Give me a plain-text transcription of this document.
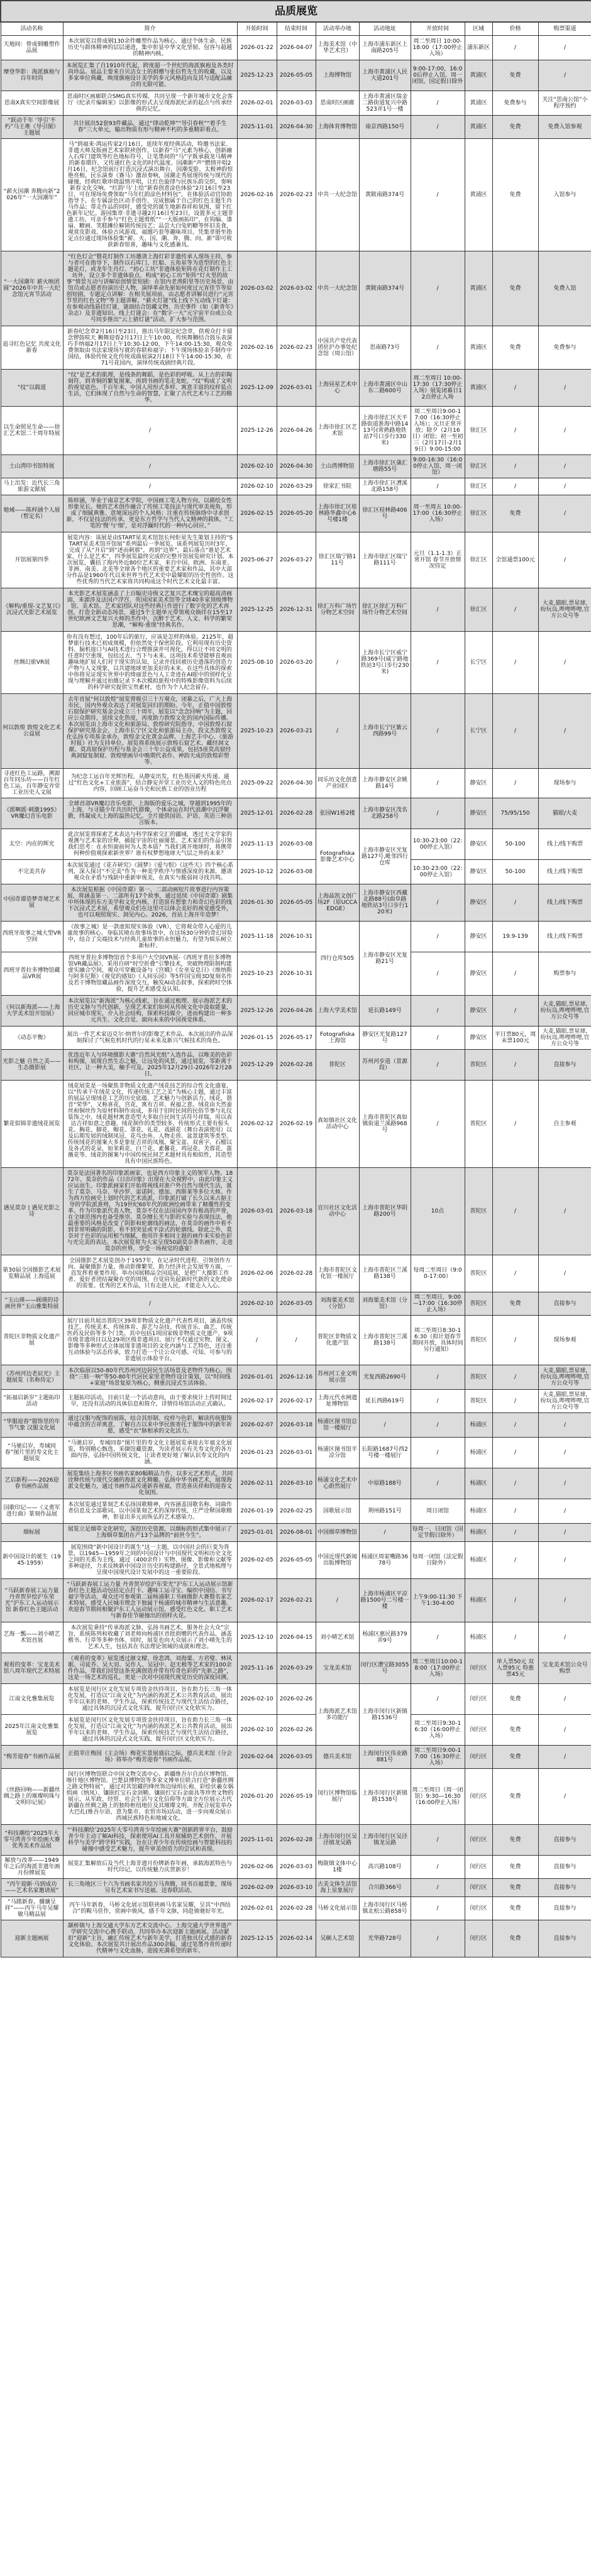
品质展览									
活动名称	简介	开始时间	结束时间	活动举办地	活动地址	开放时间	区域	价格	购票渠道
天地间：曾成钢雕塑作品展	本次展览以曾成钢130余件雕塑作品为核心，通过个体生命、民族历史与群体精神的层层递进，集中彰显中华文化坚韧、包容与超越的精神内核。	2026-01-22	2026-04-07	上海美术馆（中华艺术宫）	上海市浦东新区上南路205号	周二至周日 10:00-18:00（17:00停止入场）	浦东新区	/	/
摩登华影：海派旗袍与百年时尚	本展览汇集了自1910年代起，跨度超一个世纪的海派旗袍及各类时尚珍品。展品主要来自贝洁女士的捐赠与张信哲先生的收藏，以及多家单位典藏，映现旗袍设计美学的多元风格趋向及其与适配品融合的无限可能。	2025-12-23	2026-05-05	上海博物馆	上海市黄浦区人民大道201号	9:00-17:00，16:00后停止入馆，周一闭馆，国定假日除外	黄浦区	免费	/
思南X真实空间影像展	思南时区画廊联合SMG真实传媒，共同呈现一个新年城市文化会客厅《纪录片编辑室》以影像的形式去呈现海派纪录的起点与传承经典的记忆。	2026-02-01	2026-03-03	思南时区画廊	上海市黄浦区瑞金二路街道复兴中路523弄1号一楼	/	黄浦区	免费参与	关注“思南公馆”小程序预约
“跃动千年 ‘导引’不朽”马王堆《导引图》主题展	共计展出52套93件藏品，通过“律动乾坤”“导引春秋”“着手生春”三大单元，输出物质有形与精神不朽的多重精彩看点。	2025-11-01	2026-04-30	上海体育博物馆	南京西路150号	/	黄浦区	免费	免费入馆参观
“薪火国潮 奔腾向新”2026年“一大国潮年”	马”到福来·鸿运传家2月16日，延续年度经典活动，特邀书法家、非遗大师及版画艺术家联袂创作，以新春“马”元素为核心，创新融入石库门建筑等红色地标符号，让笔墨间的“马”字既承载龙马精神的新春期许，又传递红色文化的时代温度。国潮新“声”燃情开唱2月16日，纪念馆前厅打造沉浸式演出舞台，国潮变脸、太极神韵惊艳亮相，民乐演奏《赛马》激昂奏响，国潮走秀展现传统与现代的碰撞，经典红歌串烧温情开唱，让红色旋律与民族乐韵交织，奏响新春文化交响。“红韵‘马’上绘”新春创意涂色体验”2月16日至23日，可在现场免费领取“马年红韵涂色材料包”，在体验活动官协助指导下，在专属涂色区动手创作，完成独属于自己的红色主题生肖马作品；带走作品的同时，感受党的诞生地新春祥和氛围，留下红色新年记忆。游园集章·非遗寻趣2月16日至23日，设置多元主题非遗工坊，可亲手参与“红色主题剪纸”“一大版画拓印”，在钩编、漆扇、糖画、笑糕摊位解锁传统技艺；品尝大白兔奶糖等怀旧美食，观赏皮影戏、体验古风游戏、福圈巧套等趣味项目。凭集章册至指定点位通过现场体验集“薪、火、国、潮、奔、腾、向、新”即可收获新春惊喜，趣味与文化感兼具。	2026-02-16	2026-02-23	中共一大纪念馆	黄陂南路374号	/	黄浦区	免费	入馆参与
“一大国潮年 薪火映团圆”2026年中共一大纪念馆元宵节活动	“红色灯会”暨花灯制作工坊邀请上海灯彩非遗传承人现场主持，参与者可在指导下，制作以石库门、红船、五角星等为造型的红色主题花灯，或龙年生肖灯。“初心工坊”非遗体验矩阵在花灯制作主工坊外，设立多个非遗体验点，构成“初心工坊”矩阵“灯火里的故事”情景互动与讲解原创情景短剧：在馆内老渔阳里等历史场景，由馆员或志愿者扮演历史人物，演绎革命先驱如何度过元宵佳节等原创短剧，专题定点讲解：在相关展项前，由志愿者讲解员进行“元宵节里的红色文物”等主题讲解。“薪火灯谜”线上线下互动线下灯谜：在参观动线悬挂灯谜，谜面结合馆藏文物、历史事件（如《新青年》杂志）及非遗知识。线上灯谜会：在“数字一大”元宇宙平台或公众号同步推出“云上猜灯谜”活动，扩大参与范围。	2026-03-02	2026-03-02	中共一大纪念馆	黄陂南路374号	/	黄浦区	免费	免费入馆
追寻红色记忆 共度文化新春	新春纪念章2月16日至23日，推出马年限定纪念章，供观众打卡留念锣鼓喧天 狮舞迎春2月17日上午10:00，传统舞狮结合鼓乐表演巧手纳福2月17日上午10:30-12:00，下午14:00-15:30，观众免费领取由书法家现场写就的春联和福字；下午现场体验亲手制作中国结，体验传统文化传统戏曲展演2月18日下午14:00-15:30，在71号花园内，演绎传统戏剧经典片段。	2026-02-16	2026-02-23	中国共产党代表团驻沪办事处纪念馆（周公馆）	思南路73号	/	黄浦区	免费	免费参与
“纹”以载道	“纹”是艺术的肌理，是线条的舞蹈，是色彩的呼吸。从上古的彩陶刻符，到青铜的繁复图案，再到书画的笔走龙蛇，“纹”构成了文明的视觉底色。千百年来，中国人用形式多样、寓意丰富的纹样装点生活，它们体现了自然与生命的智慧，汇聚了古代艺术与工艺的精华。	2025-12-09	2026-03-01	上海昼星艺术中心	上海市黄浦区中山东二路600号	周二至周日 10:00-17:30（17:30停止入场）展览闭幕日12点停止入场	黄浦区	/	/
以生命照见生命——徐汇艺术馆二十周年特展	/	2025-12-26	2026-04-26	上海市徐汇区艺术馆	上海市徐汇区天平路街道淮海中路1413号(常熟路地铁站7号口步行330米)	周二至周日9:00-17:00（16:30停止入场）；元旦正常开放；除夕（2月16日）闭馆；初一至初三（2月17日-2月19日）9:00-15:00	徐汇区	/	/
土山湾印书馆特展	/	2026-02-10	2026-04-30	土山湾博物馆	上海市徐汇区蒲汇塘路55号	9:00-16:30（16:00停止入馆，周一闭馆）	徐汇区	/	/
马上出发：近代长三角旅游文献展	/	2026-02-10	2026-03-29	徐家汇书院	上海市徐汇区漕溪北路158号	/	徐汇区	/	/
她域——陈梓涵个人展（暂定名）	陈梓涵，毕业于南京艺术学院，中国画工笔人物方向，以描绘女性形象见长。她的艺术创作融合了传统工笔技法与现代审美视角，形成了细腻典雅、意境深远的个人风格；注重在传统脉络中寻求创新，不仅是技法的传承，更是东方哲学与当代人文精神的载体，“工笔的‘慢’与‘细’，是对浮躁时代的一种内心回应。”	2026-02-15	2026-05-20	上海市徐汇区桂林路华鑫中心6号楼1楼	徐汇区桂林路406号	周一至周五 10:00-17:00（16:30停止入场）	徐汇区	免费	/
开馆展第四季	展览内容：该展是由START星美术馆馆长何炬星先生策划主持的“START星美术馆开馆展”系列最后一季展览。该系列展览历时3年，完成了从“开启”到“述而刺那”，再到“边界”，最后落点“谁是艺术家，什么是艺术”，四季展览最终完成的完整开馆展览研究计划。本次展览，囊括了海内外近80位艺术家，来自中国、欧洲、东南亚、非洲、南美、北美等全球各个地区的重要艺术家和作品，其中大部分作品是1960年代以来世界当代艺术史中最耀眼的历史性创作。这些优秀的当代艺术家将共同构成这个时代艺术文化最丰富。	2025-06-27	2026-03-27	徐汇区瑞宁路111号	上海市徐汇区瑞宁路111号	元旦（1.1-1.3）正常开馆 春节开放情况待定	徐汇区	全馆通票100元	/
《解构/重现-文艺复兴》沉浸式光影艺术展览	本光影艺术展览涵盖了上百幅史诗级文艺复兴艺术瑰宝的超高清画面，来源涉及法国卢浮宫、英国国家美术馆等全球40多家顶级博物馆、美术馆。艺术家团队对这些经典巨作进行了数字化的艺术再创，打造全新动态场景，通过5个主题单元带领观众徜徉在15至17世纪欧洲文艺复兴大师的杰作中，沉醉于艺术、人文、科学的繁荣思潮，“解构·重现”经典名作。	2025-12-25	2026-12-31	徐汇万科广场竹分物艺术空间	徐汇区徐汇万科广场竹分物艺术空间	/	徐汇区	/	大麦,猫眼,票星球,纷玩岛,哔哩哔哩,官方公众号等
丝绸幻旅VR展	你有没有想过，100年后的旅行，应该是怎样的体验。2125年，超梦旅行技术已初成规模，但依然处于保密阶段。它利用现有历史资料、脑机接口与AI技术进行合理推演并可视化，得以让不同文明的任意时空重现，包括过去、当下与未来。这项技术希望能够直观而趣味地扩展人们对于现实的认知，记录并找回被历史遗落的创造力产物与人文现象，以共建地球更加美好的未来。在这些具体的探索中你将见证现实世界中的绮丽景色与人工奇迹在AI眼中的别样化呈现与理解并通过拍摄记录下本次模拟旅程中的特殊影像资料为后续的科学研究提供宝贵素材，也作为个人纪念留存。	2025-08-10	2026-03-20	/	上海市长宁区威宁路369号(威宁路地铁站3号口步行230米)	/	长宁区	/	/
何以敦煌 敦煌文化艺术公益展	去年首展“何以敦煌”展览曾吸引三十万观众，闭幕之后，广大上海市民、国内外观众表达了对展览回归的期盼。今年，正值中国敦煌石窟保护研究基金会成立三十周年，展览以“念念回响”为主题，回应公众期待，延续文化热度，再度助力敦煌文化的国内国际传播。本次展览由上海市文化和旅游局、敦煌研究院指导，中国敦煌石窟保护研究基金会、上海市长宁区文化和旅游局主办，段文杰敦煌文化弘扬专项基金承办，敦煌金文化黄金品牌、上海艺丰中心、《旅游时报》社为支持单位。展览将系统展示敦煌石窟艺术、藏经洞文献、莫高窟保护历程与基金会三十年公益成果，包括5座莫高窟经典洞窟复制窟、敦煌壁画早中晚期代表作、神韵天成的敦煌彩塑等。	2025-10-23	2026-03-21	/	上海市长宁区紫云西路99号	/	长宁区	/	/
寻迹红色工运路，溯源百年同乐坊——百年红色工运、百年静安弄堂工业历史人文展	为纪念工运百年光辉历程，从静安出发，红色基因薪火传递。通过“红色文化+工业旅游”，结合静安弄堂工业历史人文的特色亮点内容，回顾工运奋斗史和民族工业的创业历程	2025-09-22	2026-04-30	同乐坊文化创意产业园区	上海市静安区余姚路14号	/	静安区	/	现场参与
《摇啊摇·刺激1995》VR魔幻音乐电影	全球首部VR魔幻音乐电影，上海版的爱乐之城，穿越到1995年的上海，与寻猫少年共历时代群像，个体命运在时代浪潮中沉浮聚散，终凝成大上海的温热记忆。全片提供国语、沪语、英语三种语言版本。	2025-12-01	2026-02-28	张园W1栋2楼	上海市静安区茂名北路258号	/	静安区	75/95/150	猫眼/大麦
太空：内在的辉光	此次展览将探索艺术表达与科学探索交汇的疆域，透过天文学家的观测与艺术家的诠释，捕捉宇宙的壮丽图景。艺术家们的作品引领我们思考：在永恒面前何为人类本质？当我们离开地球时，将携带何种价值观探索新世界？谁有权梦想地球大气层之外的未来？	2025-11-13	2026-03-08	Fotografiska影像艺术中心	上海市静安区光复路127号,毗邻四行仓库	10:30-23:00（22:00停止入馆）	静安区	50-100	线上/线下购票
不完美共存	本次展览通过《花卉研究》《圆梦》《爱与恨》《这些天》四个核心系列，深入探讨“不完美”作为一种美学秩序与情感深度的来源，邀请观众在矛盾与残缺中重新审视美，在真实与脆弱间寻找共鸣。	2025-10-12	2026-03-08			10:30-23:00（22:00停止入馆）	静安区	50-100	线上/线下购票
中国奇谭造梦奇境艺术展	本次展览根据《中国奇谭》第一、二部动画短片故事进行内容策展，将涵盖第一、二部所有17个故事，通过延续《中国奇谭》剧集中所体现的东方美学和文化内核，打造富有想象力和奇幻色彩的线下沉浸式艺术展，希望观众们在这里可以体会美好的视觉感受外，也可以观照现实、洞见内心。2026，首站上海开年造梦！	2026-01-30	2026-05-05	上海晶凯文创广场2F（原UCCA EDGE）	上海市静安区西藏北路88号(曲阜路地铁站3号口步行120米)	/	静安区	/	线上/线下购票
西班牙故事之城大型VR空间	《故事之城》是一款虚拟现实体验（VR），它将观众带入心爱的儿童故事的核心。身临其境在故事场景中，在这场30分钟的奇幻冒险中，结合了尖端技术与经典儿童故事的永恒魅力，有望为娱乐树立新标杆。	2025-11-18	2026-10-31	四行仓库505	上海市静安区光复路21号	/	静安区	19.9-139	线上/线下购票
西班牙普拉多博物馆藏品VR展	西班牙普拉多博物馆首个多用户大空间VR展-《西班牙普拉多博物馆VR藏品展》，采用自研“时空折叠”引擎技术，突破物理限制构建虚实融合空间，观众可穿戴设备与《宫娥》《女巫安息日》《维纳斯与阿多尼斯》《视觉的感知》《人间乐园》等5件国宝级3D复刻名作及若干博物馆藏品画作深度交互，触发AI动态叙事，探索跨时空体验，提升艺术感受及认知。	2025-10-23	2026-10-31			/	静安区	/	购票参与
《何以新海派——上海大学美术馆开馆展》	本次展览以“新海派”为核心线索，旨在通过梳理、展示海派艺术的历史文脉与当代创新，呈现艺术家们如何从传统文化中汲取能量，回应城市现实，介入社会结构，探索科技媒介，进而构建出一种多元共生、文化自觉、面向未来的中国视觉体系。	2025-12-26	2026-04-26	上海大学美术馆	延长路149号	/	静安区	/	大麦,猫眼,票星球,纷玩岛,哔哩哔哩,官方公众号等
《动态平衡》	展出一件艺术家迈克尔·纳贾尔的影像艺术作品。本次展出的作品深刻探讨了气候危机时代的行星未来及新兴气候技术的角色。	2026-01-15	2026-05-17	Fotografiska上海馆	静安区光复路127号	/	静安区	平日票80元，周末票100元	大麦,猫眼,票星球,纷玩岛,哔哩哔哩,官方公众号等
光影之魅 自然之美——生态摄影展	优选近年人与环境摄影大赛“自然风光组”入选作品，以唯美的色彩和构图，展现自然生态之魅，让远处的风景，通过展览，零距离于社区，让一种大美，触手可及。2025年12月29日-2026年2月28日。	2025-12-29	2026-02-28	普陀区	苏州河步道（景源段）	/	普陀区	/	直接参与
繁花似锦非遗绒花展览	绒花展览是一场聚焦非物质文化遗产绒花技艺的综合性文化盛宴，以“传承千年绒花文化，传递传统工艺之美”为核心主题，通过丰富的展品呈现绒花工艺的历史底蕴、艺术魅力与创新活力。绒花，谐音“荣华”，又称喜花，宫花，寓有吉祥、祝福之意。绒花由天然蚕丝和铜丝作为原材料制作而成，多用于旧时民间的民俗节事与礼仪装饰之中。绒花题材寓意造型大多取自民间生活符号祥瑞，用以表达吉祥如意之意趣。绒花制作的类型较多，传统形式主要有髻头花、胸花、脚花、帽花、罩花、礼花、戏剧花（舞台表演使用）以及后期发展的绒制凤冠、花鸟虫鱼、人物走兽、盆景建筑等类型。传统绒花的图案大多是象征吉祥的凤凰、聚宝盆、双喜字、石榴以及各式的花朵，如茉莉花、白兰花、素馨花、鸡冠花、芙蓉花、蔷薇花等。绒花的图案与中国传统民间艺术题材具有相似性，其造型具有中国民族特色。	2026-02-12	2026-02-19	真如镇社区文化活动中心	上海市普陀区真如镇街道兰溪路968号	/	普陀区	/	自主参观
遇见莫奈 | 遇见光影之诗	莫奈是法国著名的印象派画家，也是西方印象主义的领军人物。1872年，莫奈的作品《日出印象》出现在大众视野中，由此印象主义应运而生。印象派画家们开始将视线对准户外自然与现代生活，诞生了莫奈、马奈、毕沙罗、雷诺阿、德加、西斯莱等多位大师。作为西方绘画史上划时代的艺术流派，印象派打破了长久以来占据主导的学院派准则，为19世纪60年代的欧洲绘画带来了颠覆性的变革。作为印象派代表人物，莫奈不仅在法国国内享有极高的声誉，在全球范围内也备受推崇。莫奈擅长光与影的实验与表现技法，他最重要的风格是改变了阴影和轮廓线的画法，在莫奈的画作中看不到非常明确的阴影，看不到突显或平涂式的轮廓线。除此之外，莫奈对于色彩的运用相当细腻，他用许多相同主题的画作来实验色彩与光完美的表达。本次展览将为大家呈现50副莫奈著名画作，走进莫奈的世界，享受一场视觉的盛宴！	2026-03-01	2026-03-18	宜川社区文化活动中心	上海市普陀区华阴路200号	10点	普陀区	/	/
第30届全国摄影艺术展览精品展 上海巡展	全国摄影艺术展览创办于1957年，在记录时代进程、引领创作方向、凝聚摄影力量、推动影像繁荣、助力经济社会发展等方面，一直发挥着重要作用。举办国展精品全国巡展，是把广大摄影工作者、爱好者团结凝聚在党的周围，自觉肩负起新时代新的文化使命的需要。优秀的艺术作品，只有走进人民，才能走入人心。	2026-02-06	2026-02-28	上海市普陀区文化馆一楼展厅	上海市普陀区兰溪路138号	每周二至周日（9:00-17:00）	普陀区	/	/
“玉山瑛——顾瑛的诗画世界”玉山雅集特展	/	2026-02-10	2026-03-05	刘海粟美术馆（分馆）	刘海粟美术馆（分馆）	周二至周日，9:00—17:00（16:30停止入场）	普陀区	免费	直接参与
普陀区非物质文化遗产展	展厅目前共展出普陀区39项非物质文化遗产代表性项目，涵盖传统技艺、传统美术、传统体育、游艺与杂技、传统音乐、曲艺、传统医药及民俗等多个门类。其中包括1项国家级非物质文化遗产、9项市级非遗项目以及29项区级非遗项目。展厅不仅通过实物、图文、影像等多种形式立体展现非遗项目的文化内涵与工艺特色，还注重互动体验与活态传承，致力打造一个让公众可感、可知、可参与的非遗展示体验平台。	/	/	普陀区非物质文化遗产馆	上海市普陀区兰溪路138号	周二至周日8:30-16:30（拟计划春节期间开放，具体时间另行通知）	普陀区	/	现场参观
《苏州河边老辰光》主题展览（名称待定）	本次临展以50-80年代苏州河边居民生活场景及老物件为核心，围绕“三转一响”等50-80年代居民家里老物件设计策划，以“时间线+家庭”场景复原为核心，侧重沉浸式生活体验。	2026-01-01	2026-12-16	苏州河工业文明展示馆	光复西路2690号	/	普陀区	/	大麦,猫眼,票星球,纷玩岛,哔哩哔哩,官方公众号等
“拓福启新岁”主题拓印活动	主题拓印活动，目前只是一个活动意向，由于要求统计上传时间过早，还没有活动的具体信息和简介，详情待场馆活动正式确认。	2026-02-17	2026-02-17	上海元代水闸遗址博物馆	延长西路619号	/	普陀区	/	大麦,猫眼,票星球,纷玩岛,哔哩哔哩,官方公众号等
“华服迎春”服饰里的年节气象 汉服文化展	通过汉服与配饰的展陈，结合其形制、纹样与色彩，解读传统服饰中蕴含的吉祥寓意，了解自古以来中华民族寄托于服饰中的新年祈愿，感受“衣”脉相承的文化活力。	2026-02-07	2026-03-18	杨浦区图书馆总馆一楼展厅	/	/	杨浦区	/	/
“马驰启岁，寿域同春”图片里的寿文化主题展览	“马驰启岁，寿域同春”图片里的寿文化主题展览承接去年福文化展览，特别精心甄选、采撷馆藏资源，为读者展示有关寿文化的各方面内容，弘扬中国传统文化，让读者更好地了解认识寿文化的内涵。	2026-01-23	2026-03-01	杨浦区图书馆平凉分馆	长阳路1687号西2号楼一楼展厅	/	杨浦区	/	/
艺启新程——2026迎春书画作品展	展览集结上海多区书画名家80幅精品力作，以多元艺术形式，共同诠释传统与现代交融的海派文化精髓。弘扬中华书画艺术，展现海派文化魅力，通过书画作品传递新春祝福，营造喜庆祥和的迎春文化氛围。	2026-02-11	2026-03-10	杨浦文化艺术中心蔚然展厅	中原路188号	/	杨浦区	/	/
国歌印记——《义勇军进行曲》篆刻作品展	本次展览通过篆刻艺术弘扬国歌精神，内容涵盖国歌名称、词曲作者信息及全部歌词。以中国篆刻艺术的深厚传统，庄严诠释国歌精神，彰显出多元而恢弘的艺术感染力。	2026-01-19	2026-02-25	国歌展示馆	荆州路151号	周日闭馆	杨浦区	/	/
烟标展	展览立足烟草文化研究，深挖历史资源，以烟标的形式集中展示了上海烟草集团在产13个品牌的“前世今生”。	2025-01-01	2026-08-01	中国烟草博物馆	/	每周一、日闭馆（国定节假日除外）	杨浦区	/	/
新中国设计的诞生（1945-1959）	展览围绕“新中国设计的诞生”这一主题，以中国社会的巨变为背景，以1945—1959年之间的中国设计与中国现代文明和历史文化之间的关系为主线，通过（400余件）实物、图像、影像和文献等多种途径，力求反映新中国设计历史的构建路径，全景式地梳理与呈现中国现代设计发展中的这一重要阶段。	2026-02-05	2026-05-05	中国近现代新闻出版博物馆	杨浦区周家嘴路3678号	每周一闭馆（法定假日除外）	杨浦区	/	/
“马跃新春展工运力量 丹青贺岁绘沪东荣光”沪东工人运动展示馆 新春红色主题活动	“马跃新春展工运力量 丹青贺岁绘沪东荣光”沪东工人运动展示馆新春红色主题活动包括定点打卡、趣味工运寻宝、编织中国结、书写福字等活动，观众还可参观第二届杨浦职工书画摄影大赛暨名家艺术特展，感受人民城市理念下独属于杨浦的城市精神与生活意趣。欢迎春节期间相聚沪东工人运动展示馆，感受红色文化、职工艺术与新春佳节碰撞出的别样火花。	2026-02-17	2026-02-21	/	上海市杨浦区平凉路1500号二号楼一楼	上午9:00-11:30 下午1:30-4:00	杨浦区	/	/
艺海一瓢——刘小晴艺术馆首展	本次展览秉持“传承海派文脉，弘扬书画艺术，服务社会大众”宗旨，系统陈列和收藏了刘老师向杨浦区首批捐赠的代表作品，涵盖楷书、行草等多种书体。同时，展览也向大众展示了刘小晴先生的艺术人生，包括其在书法理论领域的成就和理念。	2025-12-10	2026-04-15	刘小晴艺术馆	杨浦区惠民路379弄9号	/	杨浦区	/	/
观看的变革：宝龙美术馆八周年现代艺术特展	《观看的变革》展览透过颜文樑、徐悲鸿、刘海粟、方君璧、林风眠、司徒乔、吴大羽、吴作人、吴冠中、赵无极等艺术家的100余件作品，带我们回望这条充满创造并带有传奇色彩的“先驱之路”，这是一场艺术的巡礼，更是一次对中国现代视觉历史的深度回溯。	2025-11-16	2026-03-29	宝龙美术馆	闵行区漕宝路3055号	周二至周日10:00-18:00（17:00停止入场）	闵行区	单人票50元 双人票95元 特惠票45元	宝龙美术馆公众号购票
江南文化雅集展览	本展览是闵行区文化发展专项资金扶持项目，旨在助力长三角一体化发展，打造以“江南文化”为内涵的海派艺术公共教育活动，展出半年以来的老师、学生作品，探索传统技艺与现代生活结合路径，通过具体的沉浸式文化实践，提升闵行区文化软实力。	2026-02-10	2026-02-26	上海海派艺术馆多功能厅	上海市闵行区新镇路1536号	/	闵行区	免费	/
2025年江南文化雅集展览	本展览是闵行区文化发展专项资金扶持项目，旨在助力长三角一体化发展，打造以“江南文化”为内涵的海派艺术公共教育活动，展出半年以来的老师、学生作品，探索传统技艺与现代生活结合路径，通过具体的沉浸式文化实践，提升闵行区文化软实力。	2026-02-10	2026-02-26			周二至周日9:30-16:30（16:00停止入场）	闵行区	免费	/
“梅芳迎春”书画作品展	正值莘庄梅园（主会场）梅花实景展盛启之际，德兵美术馆（分会场）将举办“梅芳迎春”书画作品展。	2026-02-04	2026-03-05	德兵美术馆	上海闵行区伟业路881号	周二至周日9:00-17:00（16:30停止入场）	闵行区	免费	/
《丝路回响——新疆丝绸之路上的璀璨明珠与文明印记展》	闵行区博物馆联合中国文物交流中心、新疆维吾尔自治区博物馆、喀什地区博物馆、巴楚县博物馆等多家文博单位联合打造“新疆丝绸之路文物特展”，通过对其馆藏的绛丝饰边绿绢长袍、彩绘伏羲女娲绢画（纳凤）、镶嵌红宝石金剑鞘、镶嵌红宝石金面具等珍贵文物的展示，从军政、经贸、社会生活与文化信仰等方面全方位展示古代新疆在丝绸之路上的独特枢纽地位及其璀璨文明。并配合展览举办大巴扎(维吾尔语，意为集市、农贸市场)活动，进一步向观众展示西域民族特色和地域文化。	2026-01-20	2026-05-19	闵行区博物馆临展厅	上海市闵行区新镇路1538号	周二至周日（周一闭馆）9:30—16:30（16:00停止入场）	闵行区	免费	/
“科技潮绘”2025年大零号湾青少年绘画大赛优秀美术作品展	“‘科技潮绘’2025年大零号湾青少年绘画大赛”创新跨界平台，鼓励青少年主动了解AI科技，探索使用AI工具开展辅助艺术创作，开展科学与美学“跨学科”实践，旨在让青少年在传统绘画与智能科技的碰撞中感受艺术魅力，提升审美创造力的尝试和表现。	2025-11-01	2026-02-28	上海市闵行区吴泾镇龙吴路	上海市闵行区吴泾镇龙吴路	/	闵行区	免费	直接参与
解放与改革——1949年之后的海派非遗年画月份牌展览	展览汇集解放后及当代上海非遗月份牌新春年画，承载海派特色与时代印记，以传统魅力庆贺新岁！	2026-02-06	2026-03-03	梅陇镇文体中心1楼	高兴路108号	/	闵行区	免费	直接参与
“丙午迎新·马到成功——艺术名家邀请展”	长三角地区三十六为书画名家共绘万马奔腾，同书百福景象，现场另有艺术家书写送福、送春联活动。	2026-02-09	2026-03-10	古美文体生活馆海上星象展厅	合川路366号	/	闵行区	免费	直接参与
“马踏新春，骥骧呈祥”——丙午马年吴耀敏马精品展	丙午马年新春，马桥文化展示馆联袂画马名家吴耀，呈其“中西结合”的鞍马佳作，赏画中骏风，感千年文脉，同赴骏驰好年光。	2026-02-01	2026-02-28	马桥文化展示馆	上海市闵行区马桥镇北松公路858号	/	闵行区	免费	直接参与
迎新主题画展	颛桥镇与上海交通大学东方艺术交流中心、上海交通大学世界遗产学研究交流中心携手联动，共同举办本次迎新主题画展。活动紧扣“迎新”主旨，融汇传统艺术与新年美学，打造独具仪式感的新春文化体验。本次展览共计展出作品300余幅，通过笔墨丹青传递时代精神与文化血脉，迎接充满希望的新年。	2025-12-15	2026-02-14	吴颐人艺术馆	光华路728号	/	闵行区	免费	直接参与
